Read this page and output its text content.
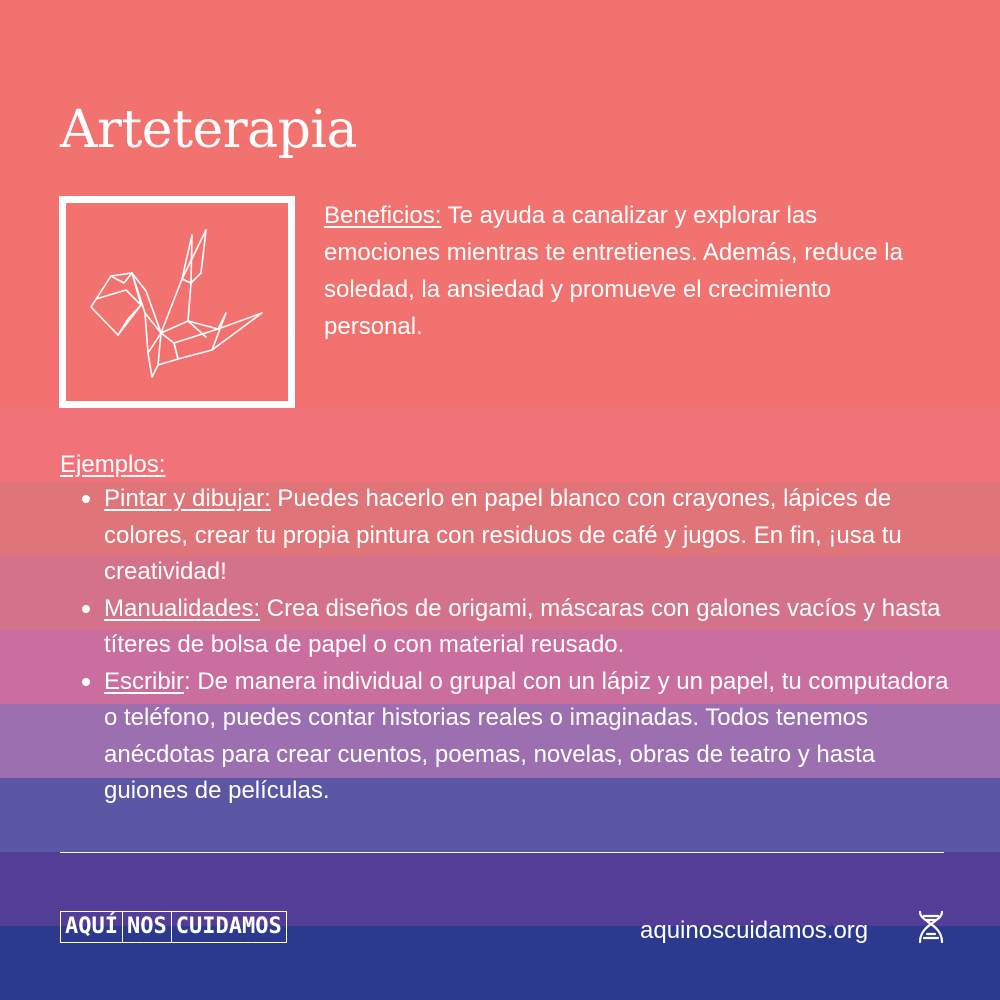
Arteterapia

Beneficios: Te ayuda a canalizar y explorar las emociones mientras te entretienes. Además, reduce la soledad, la ansiedad y promueve el crecimiento personal.

Ejemplos:

Pintar y dibujar: Puedes hacerlo en papel blanco con crayones, lápices de colores, crear tu propia pintura con residuos de café y jugos. En fin, ¡usa tu creatividad!
Manualidades: Crea diseños de origami, máscaras con galones vacíos y hasta títeres de bolsa de papel o con material reusado.
Escribir: De manera individual o grupal con un lápiz y un papel, tu computadora o teléfono, puedes contar historias reales o imaginadas. Todos tenemos anécdotas para crear cuentos, poemas, novelas, obras de teatro y hasta guiones de películas.
AQUÍ NOS CUIDAMOS	aquinoscuidamos.org
